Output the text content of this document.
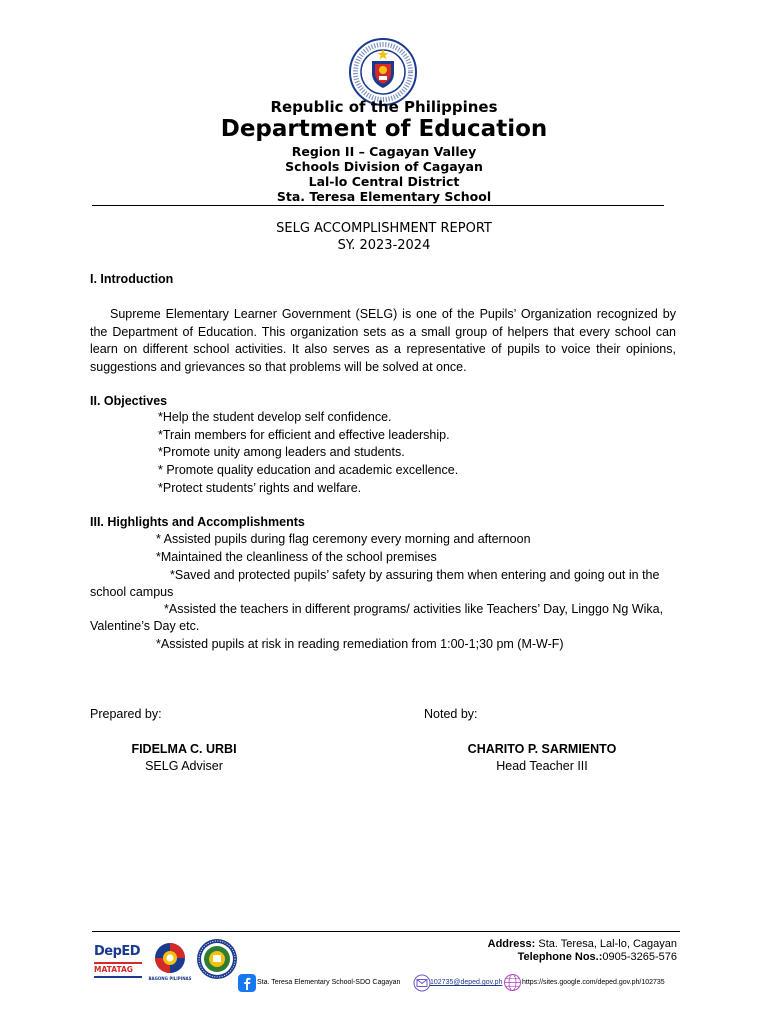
Republic of the Philippines
Department of Education
Region II – Cagayan Valley
Schools Division of Cagayan
Lal-lo Central District
Sta. Teresa Elementary School
SELG ACCOMPLISHMENT REPORT
SY. 2023-2024
I. Introduction
Supreme Elementary Learner Government (SELG) is one of the Pupils’ Organization recognized by the Department of Education. This organization sets as a small group of helpers that every school can learn on different school activities. It also serves as a representative of pupils to voice their opinions, suggestions and grievances so that problems will be solved at once.
II. Objectives
*Help the student develop self confidence.
*Train members for efficient and effective leadership.
*Promote unity among leaders and students.
* Promote quality education and academic excellence.
*Protect students’ rights and welfare.
III. Highlights and Accomplishments
* Assisted pupils during flag ceremony every morning and afternoon
*Maintained the cleanliness of the school premises
*Saved and protected pupils’ safety by assuring them when entering and going out in the
school campus
*Assisted the teachers in different programs/ activities like Teachers’ Day, Linggo Ng Wika,
Valentine’s Day etc.
*Assisted pupils at risk in reading remediation from 1:00-1;30 pm (M-W-F)
Prepared by:	Noted by:
FIDELMA C. URBI
SELG Adviser
CHARITO P. SARMIENTO
Head Teacher III
DepED
MATATAG
BAGONG PILIPINAS
Address: Sta. Teresa, Lal-lo, Cagayan
Telephone Nos.:0905-3265-576
Sta. Teresa Elementary School-SDO Cagayan	102735@deped.gov.ph	https://sites.google.com/deped.gov.ph/102735
